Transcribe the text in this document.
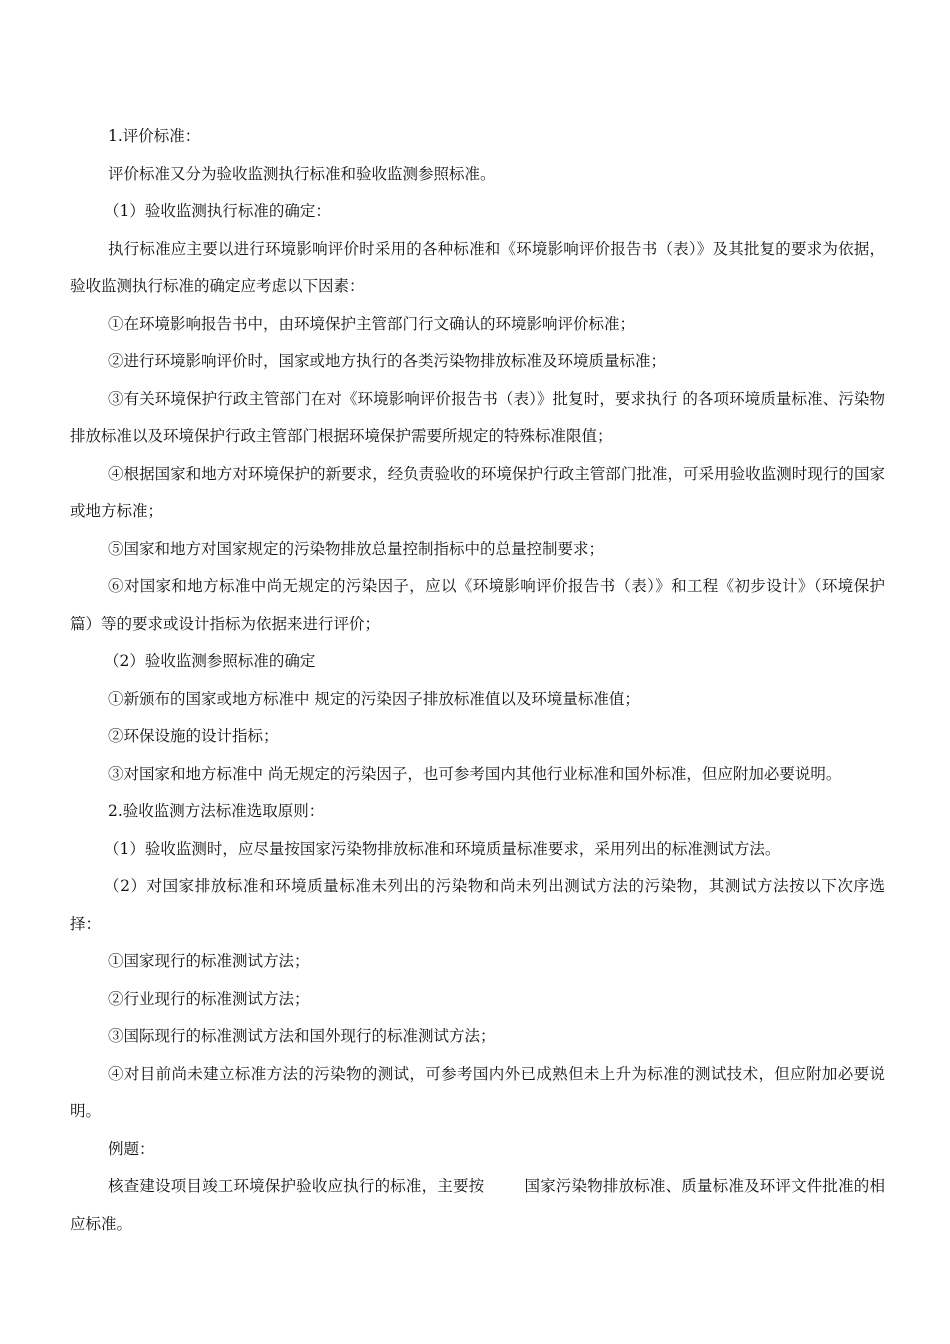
1.评价标准：

评价标准又分为验收监测执行标准和验收监测参照标准。

（1）验收监测执行标准的确定：

执行标准应主要以进行环境影响评价时采用的各种标准和《环境影响评价报告书（表）》及其批复的要求为依据，验收监测执行标准的确定应考虑以下因素：

①在环境影响报告书中，由环境保护主管部门行文确认的环境影响评价标准；

②进行环境影响评价时，国家或地方执行的各类污染物排放标准及环境质量标准；

③有关环境保护行政主管部门在对《环境影响评价报告书（表）》批复时，要求执行 的各项环境质量标准、污染物排放标准以及环境保护行政主管部门根据环境保护需要所规定的特殊标准限值；

④根据国家和地方对环境保护的新要求，经负责验收的环境保护行政主管部门批准，可采用验收监测时现行的国家或地方标准；

⑤国家和地方对国家规定的污染物排放总量控制指标中的总量控制要求；

⑥对国家和地方标准中尚无规定的污染因子，应以《环境影响评价报告书（表）》和工程《初步设计》（环境保护篇）等的要求或设计指标为依据来进行评价；

（2）验收监测参照标准的确定

①新颁布的国家或地方标准中 规定的污染因子排放标准值以及环境量标准值；

②环保设施的设计指标；

③对国家和地方标准中 尚无规定的污染因子，也可参考国内其他行业标准和国外标准，但应附加必要说明。

2.验收监测方法标准选取原则：

（1）验收监测时，应尽量按国家污染物排放标准和环境质量标准要求，采用列出的标准测试方法。

（2）对国家排放标准和环境质量标准未列出的污染物和尚未列出测试方法的污染物，其测试方法按以下次序选择：

①国家现行的标准测试方法；

②行业现行的标准测试方法；

③国际现行的标准测试方法和国外现行的标准测试方法；

④对目前尚未建立标准方法的污染物的测试，可参考国内外已成熟但未上升为标准的测试技术，但应附加必要说明。

例题：

核查建设项目竣工环境保护验收应执行的标准，主要按	国家污染物排放标准、质量标准及环评文件批准的相应标准。
